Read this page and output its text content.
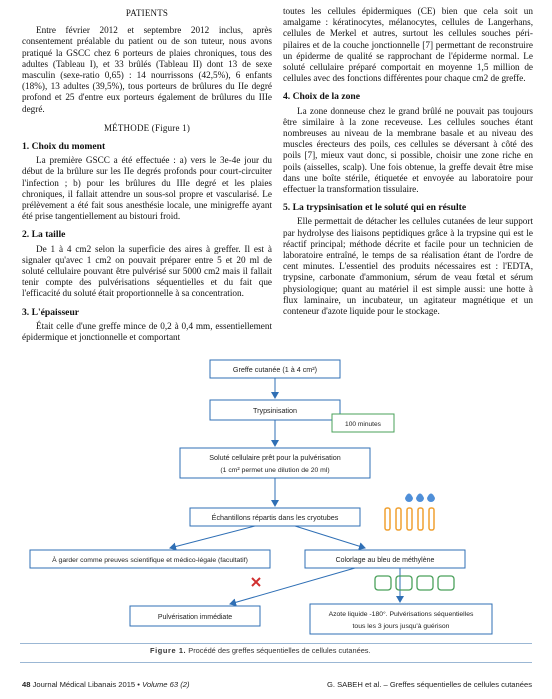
PATIENTS

Entre février 2012 et septembre 2012 inclus, après consentement préalable du patient ou de son tuteur, nous avons pratiqué la GSCC chez 6 porteurs de plaies chroniques, tous des adultes (Tableau I), et 33 brûlés (Tableau II) dont 13 de sexe masculin (sexe-ratio 0,65) : 14 nourrissons (42,5%), 6 enfants (18%), 13 adultes (39,5%), tous porteurs de brûlures du IIe degré profond et 25 d'entre eux porteurs également de brûlures du IIIe degré.

MÉTHODE (Figure 1)
1. Choix du moment

La première GSCC a été effectuée : a) vers le 3e-4e jour du début de la brûlure sur les IIe degrés profonds pour court-circuiter l'infection ; b) pour les brûlures du IIIe degré et les plaies chroniques, il fallait attendre un sous-sol propre et vascularisé. Le prélèvement a été fait sous anesthésie locale, une minigreffe ayant été prise tangentiellement au bistouri froid.

2. La taille

De 1 à 4 cm2 selon la superficie des aires à greffer. Il est à signaler qu'avec 1 cm2 on pouvait préparer entre 5 et 20 ml de soluté cellulaire pouvant être pulvérisé sur 5000 cm2 mais il fallait tenir compte des pulvérisations séquentielles et du fait que l'efficacité du soluté était proportionnelle à sa concentration.

3. L'épaisseur

Était celle d'une greffe mince de 0,2 à 0,4 mm, essentiellement épidermique et jonctionnelle et comportant

toutes les cellules épidermiques (CE) bien que cela soit un amalgame : kératinocytes, mélanocytes, cellules de Langerhans, cellules de Merkel et autres, surtout les cellules souches péri-pilaires et de la couche jonctionnelle [7] permettant de reconstruire un épiderme de qualité se rapprochant de l'épiderme normal. Le soluté cellulaire préparé comportait en moyenne 1,5 million de cellules avec des fonctions différentes pour chaque cm2 de greffe.

4. Choix de la zone

La zone donneuse chez le grand brûlé ne pouvait pas toujours être similaire à la zone receveuse. Les cellules souches étant nombreuses au niveau de la membrane basale et au niveau des muscles érecteurs des poils, ces cellules se déversant à côté des poils [7], mieux vaut donc, si possible, choisir une zone riche en poils (aisselles, scalp). Une fois obtenue, la greffe devait être mise dans une boîte stérile, étiquetée et envoyée au laboratoire pour effectuer la transformation tissulaire.

5. La trypsinisation et le soluté qui en résulte

Elle permettait de détacher les cellules cutanées de leur support par hydrolyse des liaisons peptidiques grâce à la trypsine qui est le réactif principal; méthode décrite et facile pour un technicien de laboratoire entraîné, le temps de sa réalisation étant de l'ordre de cent minutes. L'essentiel des produits nécessaires est : l'EDTA, trypsine, carbonate d'ammonium, sérum de veau fœtal et sérum physiologique; quant au matériel il est simple aussi: une hotte à flux laminaire, un incubateur, un agitateur magnétique et un conteneur d'azote liquide pour le stockage.

Greffe cutanée (1 à 4 cm²)
Trypsinisation
100 minutes
Soluté cellulaire prêt pour la pulvérisation
(1 cm² permet une dilution de 20 ml)
Échantillons répartis dans les cryotubes
À garder comme preuves scientifique et médico-légale (facultatif)	Colorlage au bleu de méthylène
Pulvérisation immédiate	Azote liquide -180°. Pulvérisations séquentielles
tous les 3 jours jusqu'à guérison
Figure 1. Procédé des greffes séquentielles de cellules cutanées.
48 Journal Médical Libanais 2015 • Volume 63 (2)	G. SABEH et al. – Greffes séquentielles de cellules cutanées
